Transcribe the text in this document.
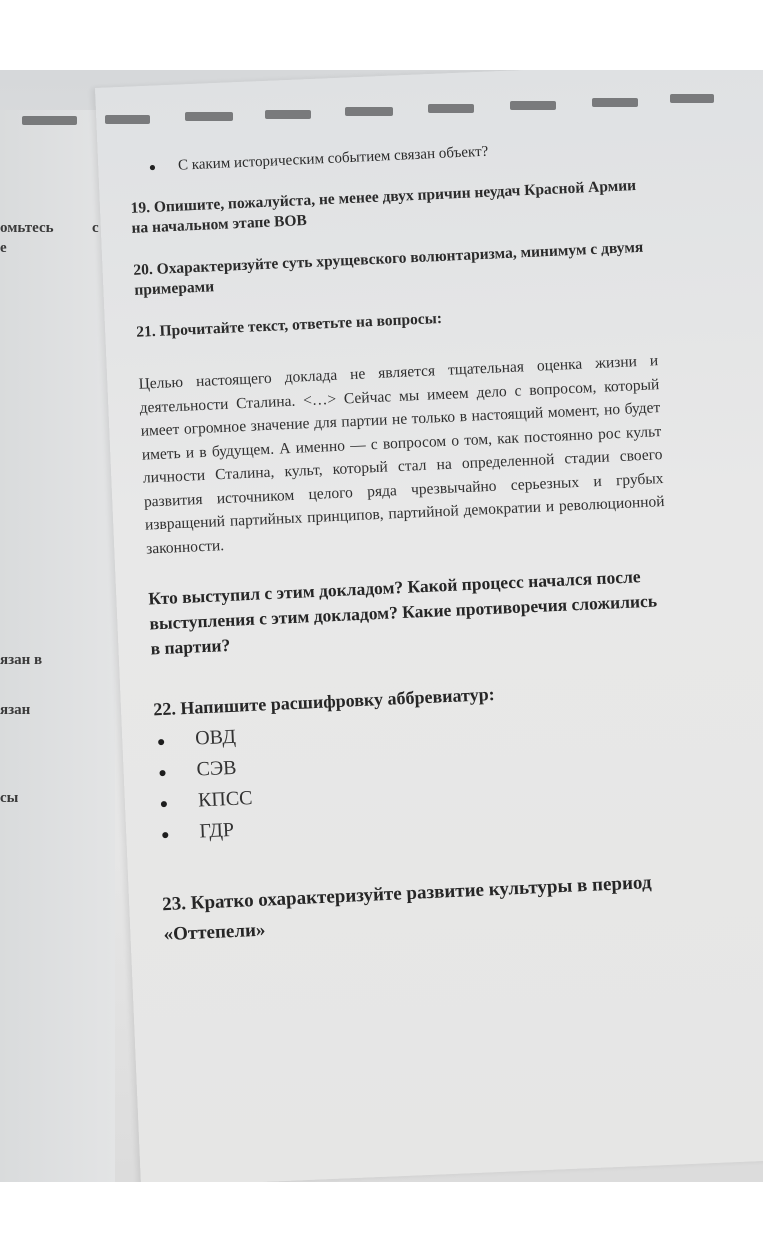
омьтесь	с
е
язан в
язан
сы
● С каким историческим событием связан объект?
19. Опишите, пожалуйста, не менее двух причин неудач Красной Армии на начальном этапе ВОВ
20. Охарактеризуйте суть хрущевского волюнтаризма, минимум с двумя примерами
21. Прочитайте текст, ответьте на вопросы:
Целью настоящего доклада не является тщательная оценка жизни и деятельности Сталина. <…> Сейчас мы имеем дело с вопросом, который имеет огромное значение для партии не только в настоящий момент, но будет иметь и в будущем. А именно — с вопросом о том, как постоянно рос культ личности Сталина, культ, который стал на определенной стадии своего развития источником целого ряда чрезвычайно серьезных и грубых извращений партийных принципов, партийной демократии и революционной законности.
Кто выступил с этим докладом? Какой процесс начался после выступления с этим докладом? Какие противоречия сложились в партии?
22. Напишите расшифровку аббревиатур:
● ОВД
● СЭВ
● КПСС
● ГДР
23. Кратко охарактеризуйте развитие культуры в период «Оттепели»
